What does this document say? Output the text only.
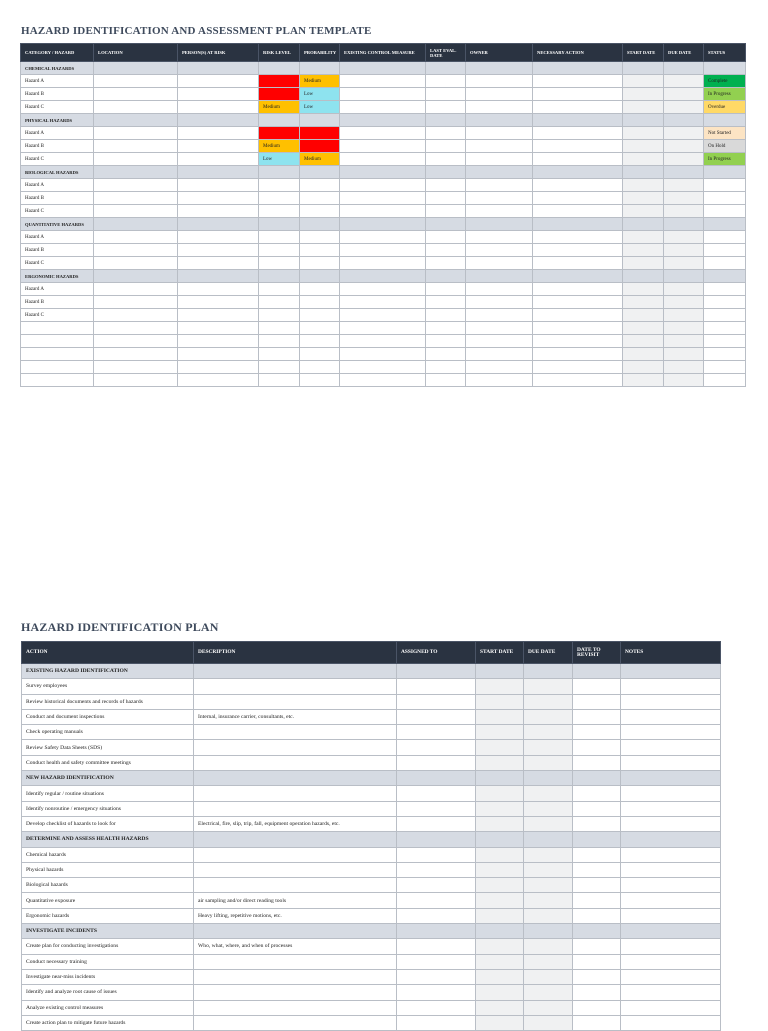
HAZARD IDENTIFICATION AND ASSESSMENT PLAN TEMPLATE
CATEGORY / HAZARD	LOCATION	PERSON(S) AT RISK	RISK LEVEL	PROBABILITY	EXISTING CONTROL MEASURE	LAST EVAL. DATE	OWNER	NECESSARY ACTION	START DATE	DUE DATE	STATUS
CHEMICAL HAZARDS											
Hazard A			High	Medium							Complete
Hazard B			High	Low							In Progress
Hazard C			Medium	Low							Overdue
PHYSICAL HAZARDS											
Hazard A			High	High							Not Started
Hazard B			Medium	High							On Hold
Hazard C			Low	Medium							In Progress
BIOLOGICAL HAZARDS											
Hazard A											
Hazard B											
Hazard C											
QUANTITATIVE HAZARDS											
Hazard A											
Hazard B											
Hazard C											
ERGONOMIC HAZARDS											
Hazard A											
Hazard B											
Hazard C											

HAZARD IDENTIFICATION PLAN
ACTION	DESCRIPTION	ASSIGNED TO	START DATE	DUE DATE	DATE TO REVISIT	NOTES
EXISTING HAZARD IDENTIFICATION						
Survey employees						
Review historical documents and records of hazards						
Conduct and document inspections	Internal, insurance carrier, consultants, etc.					
Check operating manuals						
Review Safety Data Sheets (SDS)						
Conduct health and safety committee meetings						
NEW HAZARD IDENTIFICATION						
Identify regular / routine situations						
Identify nonroutine / emergency situations						
Develop checklist of hazards to look for	Electrical, fire, slip, trip, fall, equipment operation hazards, etc.					
DETERMINE AND ASSESS HEALTH HAZARDS						
Chemical hazards						
Physical hazards						
Biological hazards						
Quantitative exposure	air sampling and/or direct reading tools					
Ergonomic hazards	Heavy lifting, repetitive motions, etc.					
INVESTIGATE INCIDENTS						
Create plan for conducting investigations	Who, what, where, and when of processes					
Conduct necessary training						
Investigate near-miss incidents						
Identify and analyze root cause of issues						
Analyze existing control measures						
Create action plan to mitigate future hazards						
